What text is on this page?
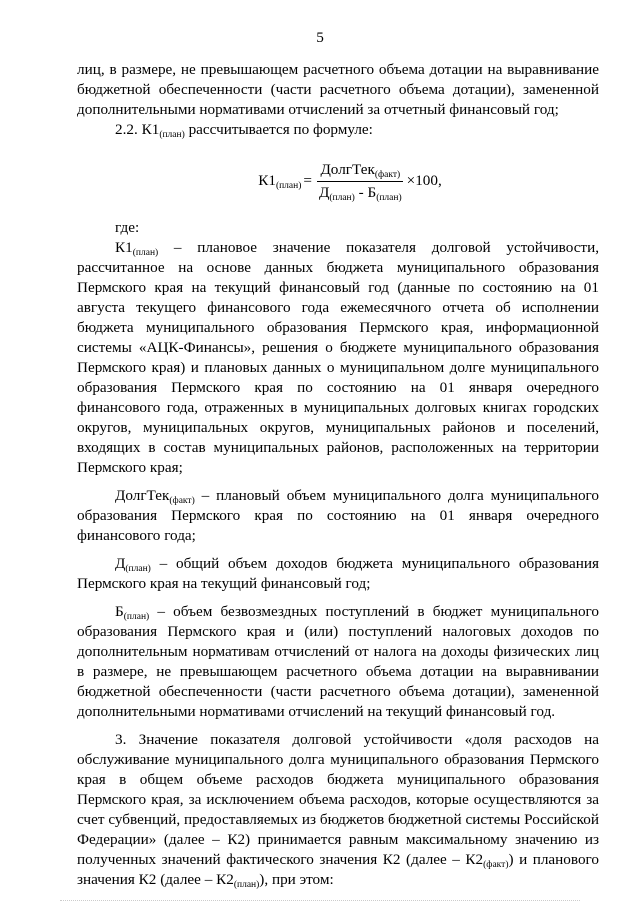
5

лиц, в размере, не превышающем расчетного объема дотации на выравнивание бюджетной обеспеченности (части расчетного объема дотации), замененной дополнительными нормативами отчислений за отчетный финансовый год;

2.2. $К1_{(план)}$ рассчитывается по формуле:

$К1_{(план)} = \frac{ДолгТек_{(факт)}}{Д_{(план)} - Б_{(план)}} \times 100$,

где:

$К1_{(план)}$ – плановое значение показателя долговой устойчивости, рассчитанное на основе данных бюджета муниципального образования Пермского края на текущий финансовый год (данные по состоянию на 01 августа текущего финансового года ежемесячного отчета об исполнении бюджета муниципального образования Пермского края, информационной системы «АЦК-Финансы», решения о бюджете муниципального образования Пермского края) и плановых данных о муниципальном долге муниципального образования Пермского края по состоянию на 01 января очередного финансового года, отраженных в муниципальных долговых книгах городских округов, муниципальных округов, муниципальных районов и поселений, входящих в состав муниципальных районов, расположенных на территории Пермского края;

ДолгТек$_{(факт)}$ – плановый объем муниципального долга муниципального образования Пермского края по состоянию на 01 января очередного финансового года;

$Д_{(план)}$ – общий объем доходов бюджета муниципального образования Пермского края на текущий финансовый год;

$Б_{(план)}$ – объем безвозмездных поступлений в бюджет муниципального образования Пермского края и (или) поступлений налоговых доходов по дополнительным нормативам отчислений от налога на доходы физических лиц в размере, не превышающем расчетного объема дотации на выравнивании бюджетной обеспеченности (части расчетного объема дотации), замененной дополнительными нормативами отчислений на текущий финансовый год.

3. Значение показателя долговой устойчивости «доля расходов на обслуживание муниципального долга муниципального образования Пермского края в общем объеме расходов бюджета муниципального образования Пермского края, за исключением объема расходов, которые осуществляются за счет субвенций, предоставляемых из бюджетов бюджетной системы Российской Федерации» (далее – К2) принимается равным максимальному значению из полученных значений фактического значения К2 (далее – $К2_{(факт)}$) и планового значения К2 (далее – $К2_{(план)}$), при этом:
